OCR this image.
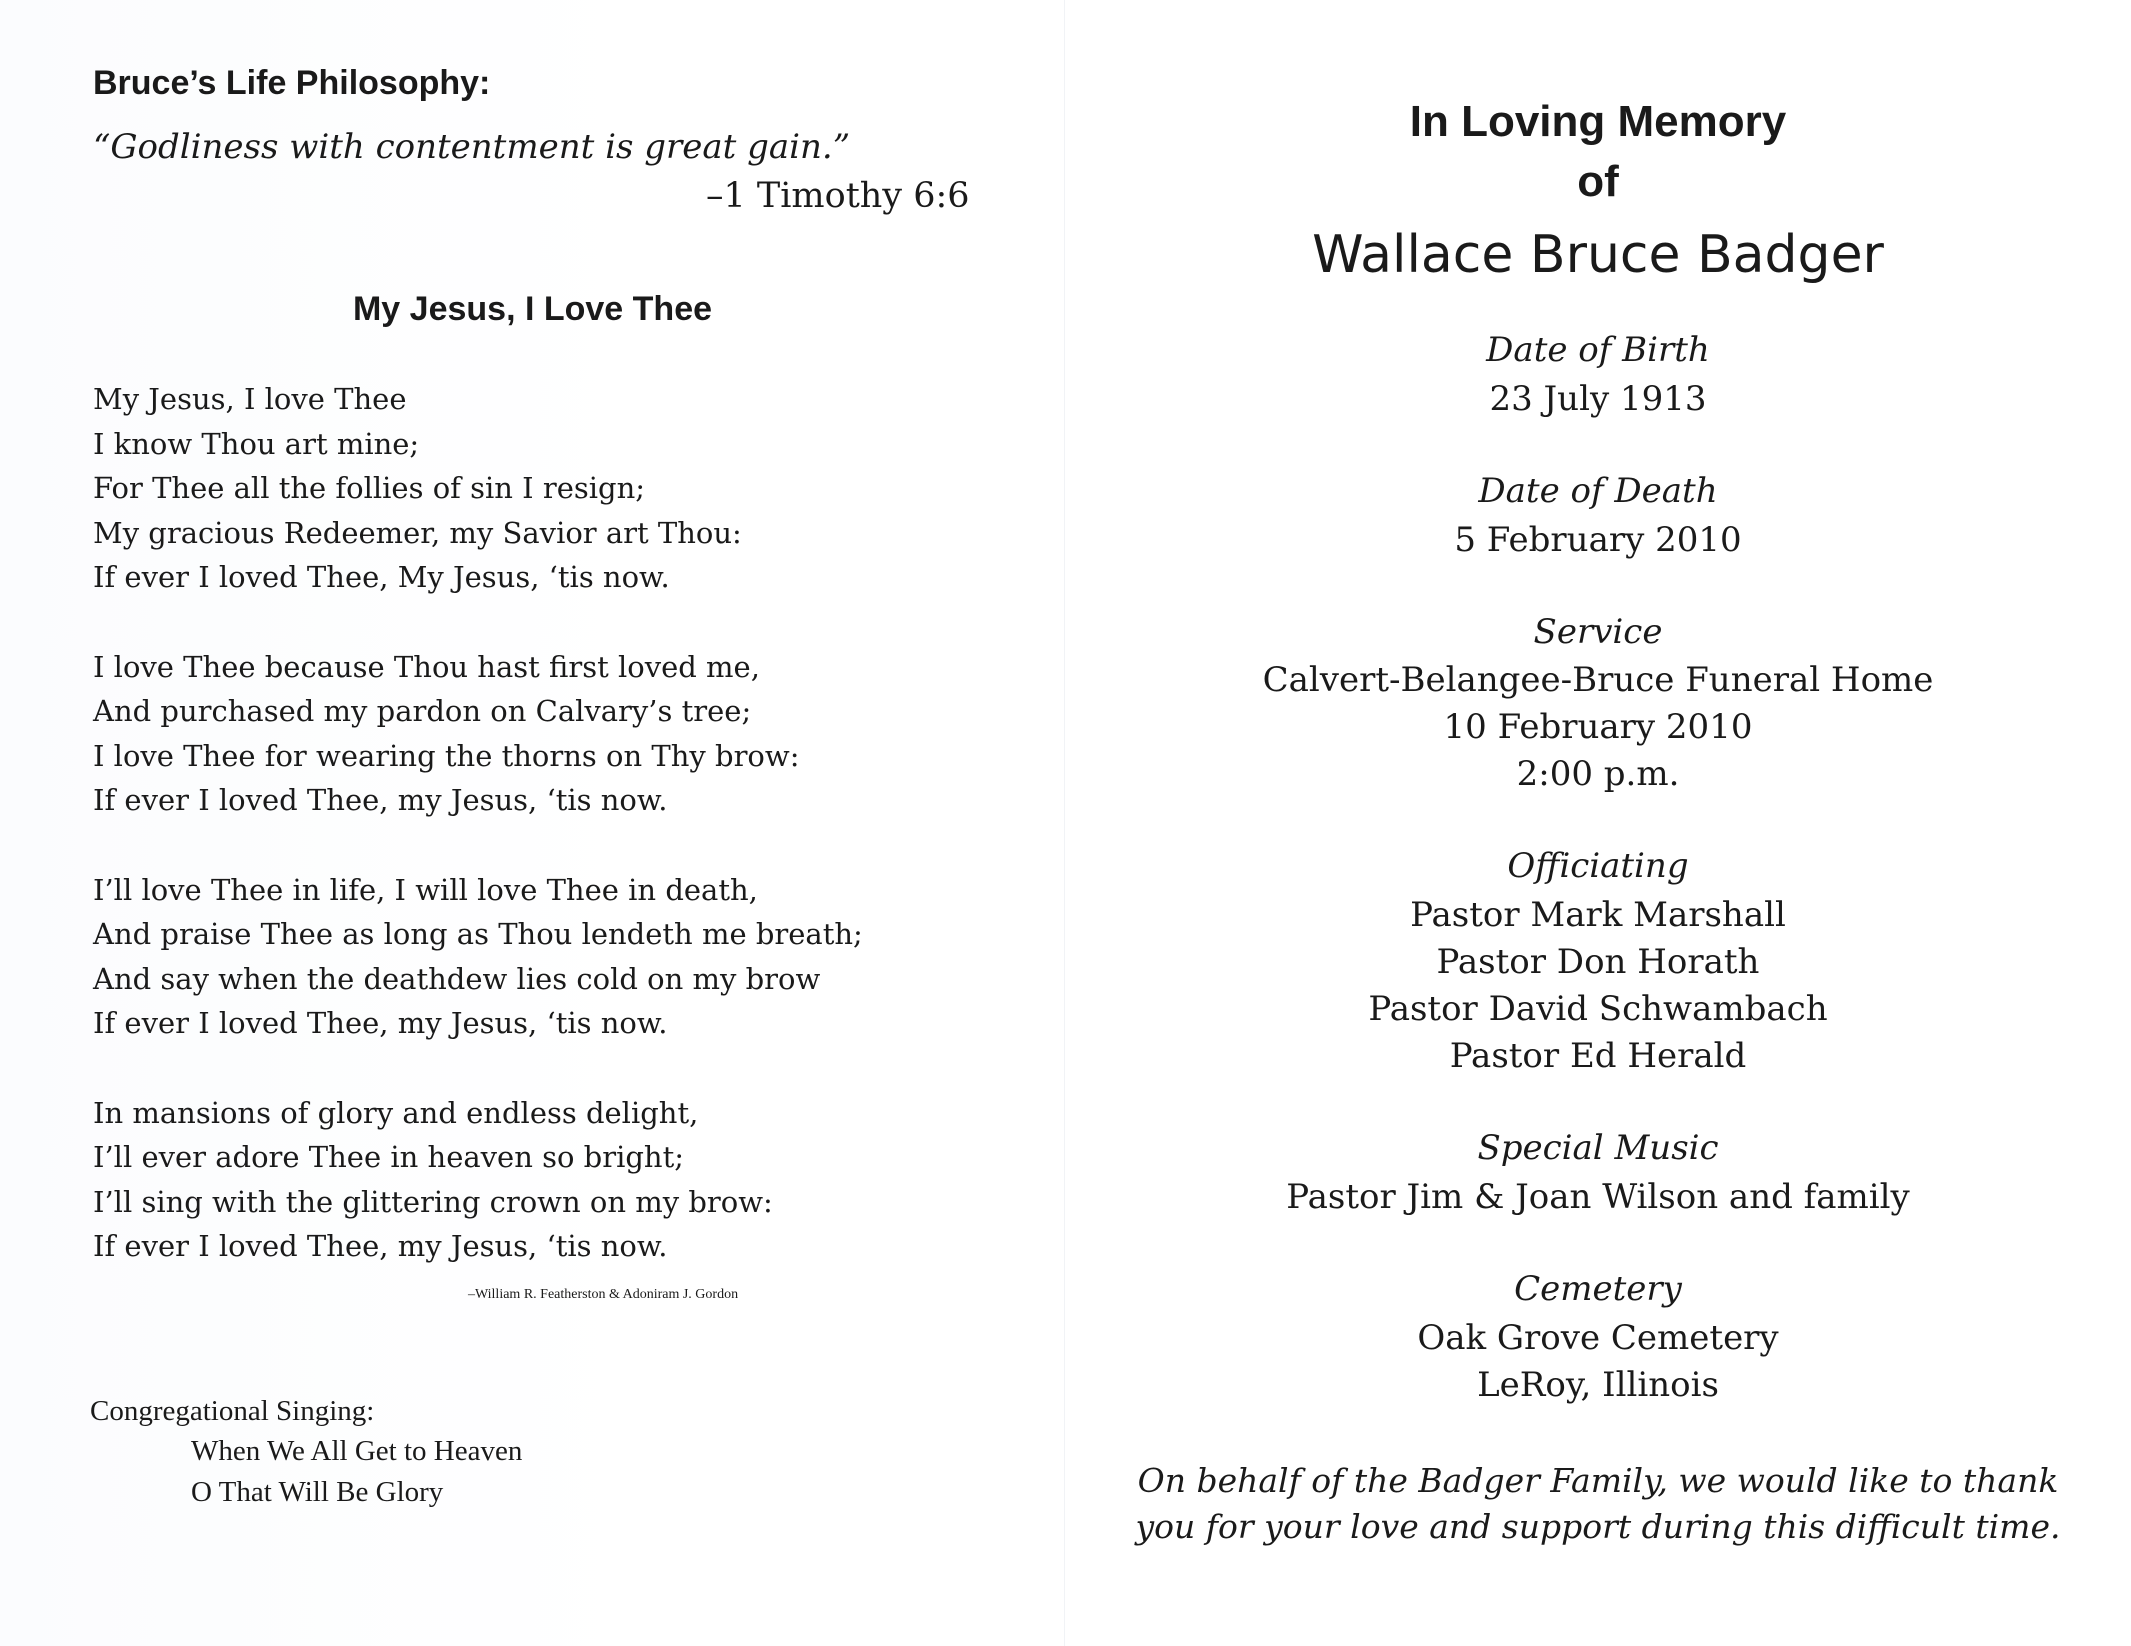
Bruce’s Life Philosophy:
“Godliness with contentment is great gain.”
–1 Timothy 6:6
My Jesus, I Love Thee
My Jesus, I love Thee
I know Thou art mine;
For Thee all the follies of sin I resign;
My gracious Redeemer, my Savior art Thou:
If ever I loved Thee, My Jesus, ‘tis now.
I love Thee because Thou hast first loved me,
And purchased my pardon on Calvary’s tree;
I love Thee for wearing the thorns on Thy brow:
If ever I loved Thee, my Jesus, ‘tis now.
I’ll love Thee in life, I will love Thee in death,
And praise Thee as long as Thou lendeth me breath;
And say when the deathdew lies cold on my brow
If ever I loved Thee, my Jesus, ‘tis now.
In mansions of glory and endless delight,
I’ll ever adore Thee in heaven so bright;
I’ll sing with the glittering crown on my brow:
If ever I loved Thee, my Jesus, ‘tis now.
–William R. Featherston & Adoniram J. Gordon
Congregational Singing:
When We All Get to Heaven
O That Will Be Glory
In Loving Memory
of
Wallace Bruce Badger
Date of Birth
23 July 1913
Date of Death
5 February 2010
Service
Calvert-Belangee-Bruce Funeral Home
10 February 2010
2:00 p.m.
Officiating
Pastor Mark Marshall
Pastor Don Horath
Pastor David Schwambach
Pastor Ed Herald
Special Music
Pastor Jim & Joan Wilson and family
Cemetery
Oak Grove Cemetery
LeRoy, Illinois
On behalf of the Badger Family, we would like to thank
you for your love and support during this difficult time.
